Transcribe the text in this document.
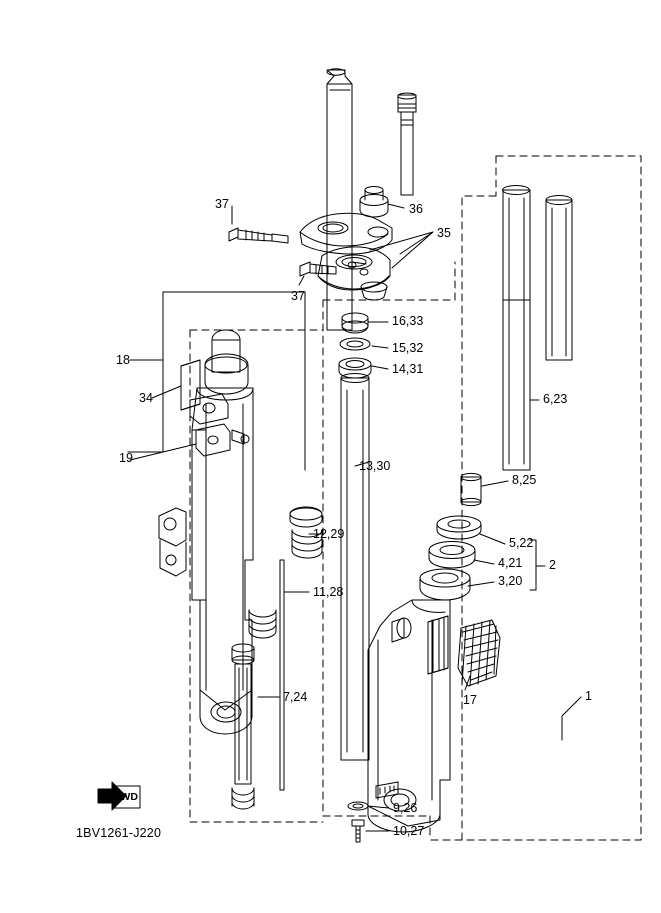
37	36
35
37
16,33
15,32
14,31
18
34	6,23
13,30
19
8,25
12,29
5,22
4,21
3,20
2
11,28
17	1
7,24
9,26
10,27
FWD
1BV1261-J220
